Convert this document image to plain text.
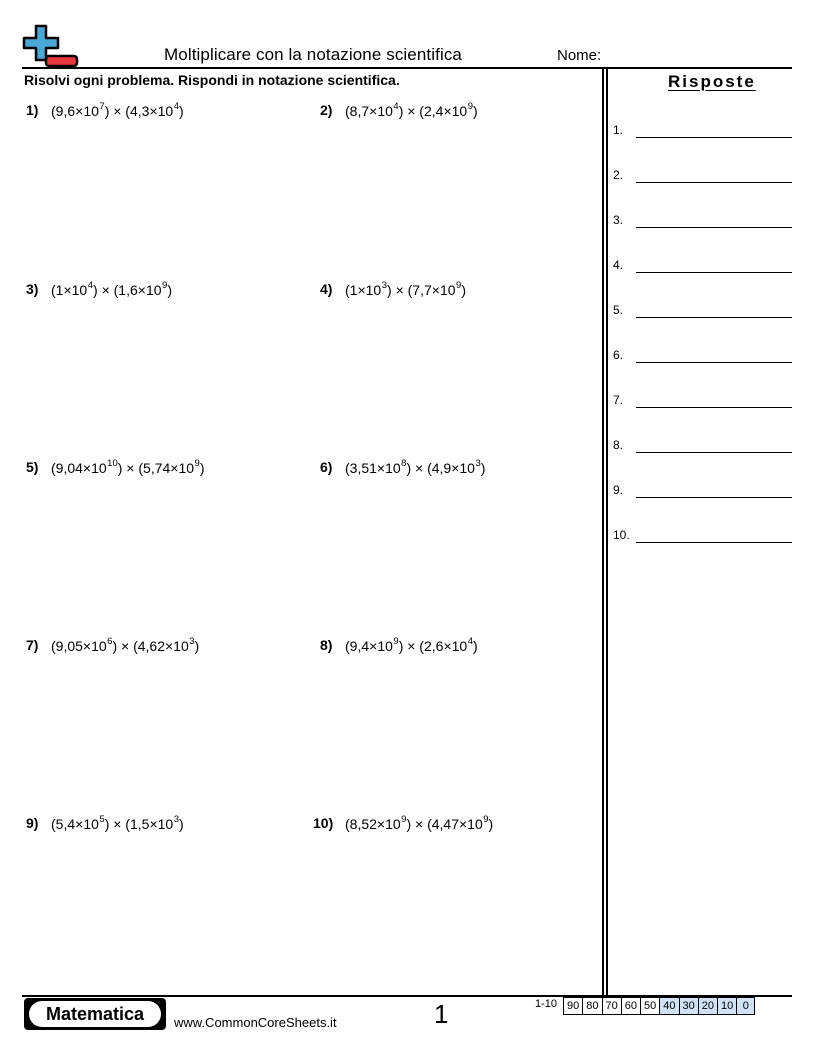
Moltiplicare con la notazione scientifica	Nome:
Risolvi ogni problema. Rispondi in notazione scientifica.	Risposte
1.
2.
3.
4.
5.
6.
7.
8.
9.
10.
1) $(9,6\times 10^7) \times (4,3\times 10^4)$	2) $(8,7\times 10^4) \times (2,4\times 10^9)$
3) $(1\times 10^4) \times (1,6\times 10^9)$	4) $(1\times 10^3) \times (7,7\times 10^9)$
5) $(9,04\times 10^{10}) \times (5,74\times 10^9)$	6) $(3,51\times 10^8) \times (4,9\times 10^3)$
7) $(9,05\times 10^6) \times (4,62\times 10^3)$	8) $(9,4\times 10^9) \times (2,6\times 10^4)$
9) $(5,4\times 10^5) \times (1,5\times 10^3)$	10) $(8,52\times 10^9) \times (4,47\times 10^9)$
Matematica	www.CommonCoreSheets.it	1	1-10 90 80 70 60 50 40 30 20 10 0
